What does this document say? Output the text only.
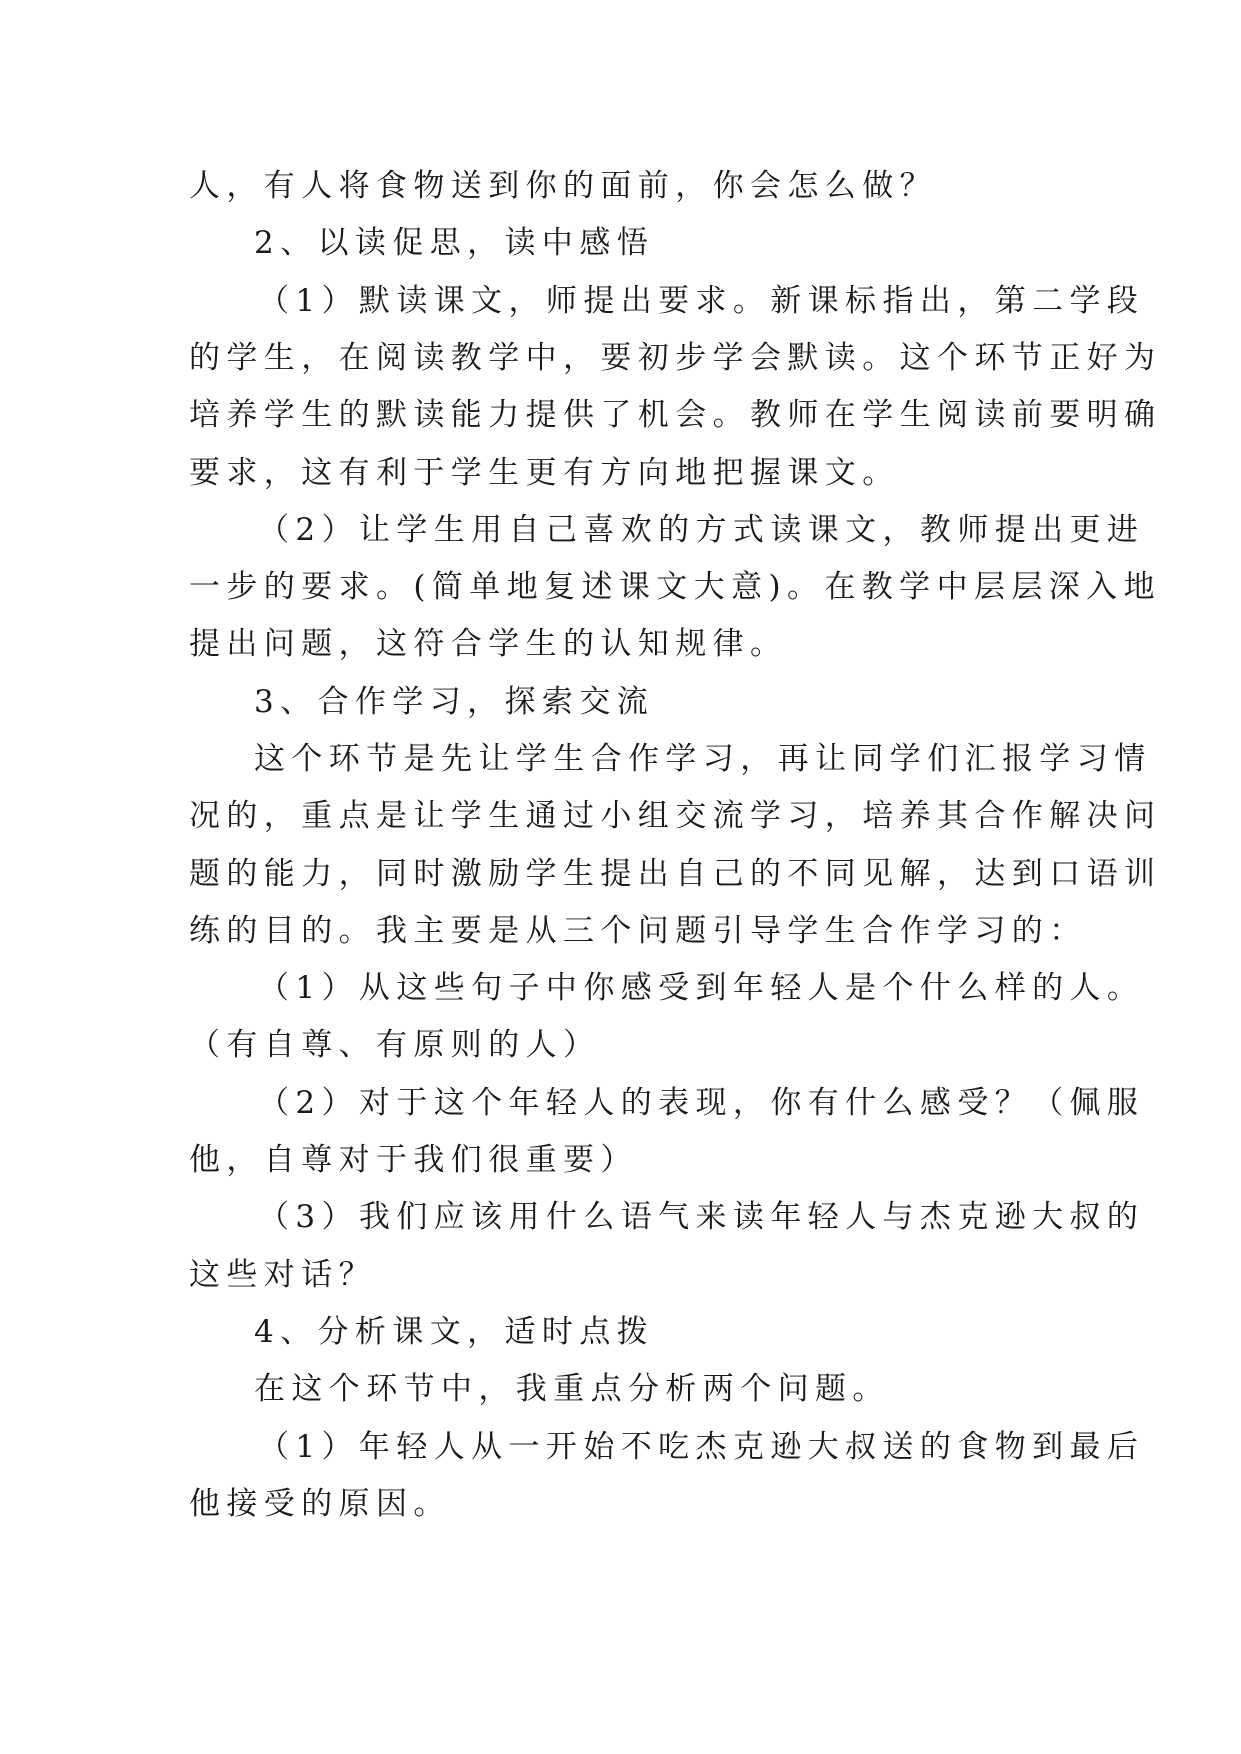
人，有人将食物送到你的面前，你会怎么做？
2、以读促思，读中感悟
（1）默读课文，师提出要求。新课标指出，第二学段
的学生，在阅读教学中，要初步学会默读。这个环节正好为
培养学生的默读能力提供了机会。教师在学生阅读前要明确
要求，这有利于学生更有方向地把握课文。
（2）让学生用自己喜欢的方式读课文，教师提出更进
一步的要求。(简单地复述课文大意)。在教学中层层深入地
提出问题，这符合学生的认知规律。
3、合作学习，探索交流
这个环节是先让学生合作学习，再让同学们汇报学习情
况的，重点是让学生通过小组交流学习，培养其合作解决问
题的能力，同时激励学生提出自己的不同见解，达到口语训
练的目的。我主要是从三个问题引导学生合作学习的：
（1）从这些句子中你感受到年轻人是个什么样的人。
（有自尊、有原则的人）
（2）对于这个年轻人的表现，你有什么感受？（佩服
他，自尊对于我们很重要）
（3）我们应该用什么语气来读年轻人与杰克逊大叔的
这些对话？
4、分析课文，适时点拨
在这个环节中，我重点分析两个问题。
（1）年轻人从一开始不吃杰克逊大叔送的食物到最后
他接受的原因。
